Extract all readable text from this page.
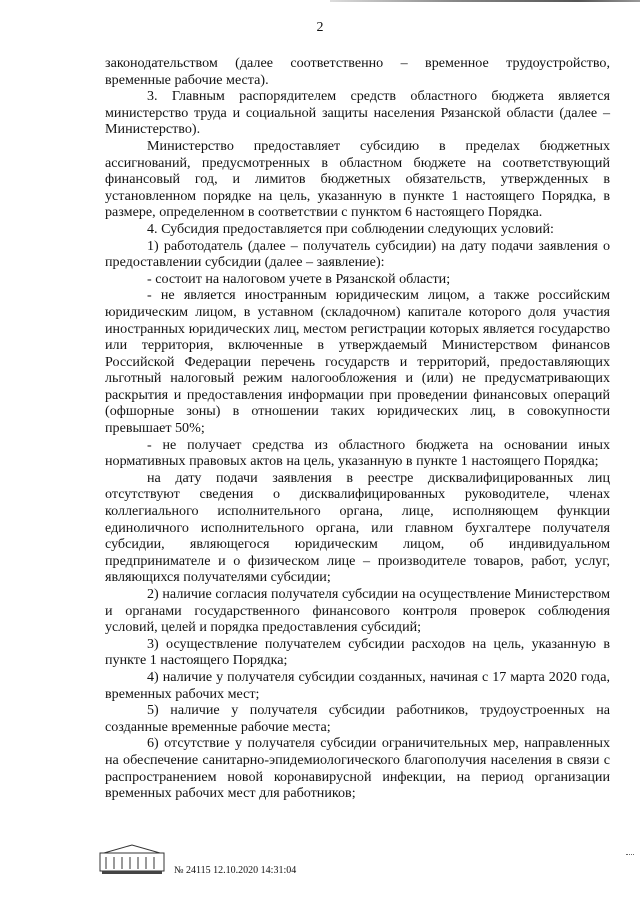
2

законодательством (далее соответственно – временное трудоустройство, временные рабочие места).

3. Главным распорядителем средств областного бюджета является министерство труда и социальной защиты населения Рязанской области (далее – Министерство).

Министерство предоставляет субсидию в пределах бюджетных ассигнований, предусмотренных в областном бюджете на соответствующий финансовый год, и лимитов бюджетных обязательств, утвержденных в установленном порядке на цель, указанную в пункте 1 настоящего Порядка, в размере, определенном в соответствии с пунктом 6 настоящего Порядка.

4. Субсидия предоставляется при соблюдении следующих условий:

1) работодатель (далее – получатель субсидии) на дату подачи заявления о предоставлении субсидии (далее – заявление):

- состоит на налоговом учете в Рязанской области;

- не является иностранным юридическим лицом, а также российским юридическим лицом, в уставном (складочном) капитале которого доля участия иностранных юридических лиц, местом регистрации которых является государство или территория, включенные в утверждаемый Министерством финансов Российской Федерации перечень государств и территорий, предоставляющих льготный налоговый режим налогообложения и (или) не предусматривающих раскрытия и предоставления информации при проведении финансовых операций (офшорные зоны) в отношении таких юридических лиц, в совокупности превышает 50%;

- не получает средства из областного бюджета на основании иных нормативных правовых актов на цель, указанную в пункте 1 настоящего Порядка;

на дату подачи заявления в реестре дисквалифицированных лиц отсутствуют сведения о дисквалифицированных руководителе, членах коллегиального исполнительного органа, лице, исполняющем функции единоличного исполнительного органа, или главном бухгалтере получателя субсидии, являющегося юридическим лицом, об индивидуальном предпринимателе и о физическом лице – производителе товаров, работ, услуг, являющихся получателями субсидии;

2) наличие согласия получателя субсидии на осуществление Министерством и органами государственного финансового контроля проверок соблюдения условий, целей и порядка предоставления субсидий;

3) осуществление получателем субсидии расходов на цель, указанную в пункте 1 настоящего Порядка;

4) наличие у получателя субсидии созданных, начиная с 17 марта 2020 года, временных рабочих мест;

5) наличие у получателя субсидии работников, трудоустроенных на созданные временные рабочие места;

6) отсутствие у получателя субсидии ограничительных мер, направленных на обеспечение санитарно-эпидемиологического благополучия населения в связи с распространением новой коронавирусной инфекции, на период организации временных рабочих мест для работников;

№ 24115 12.10.2020 14:31:04
